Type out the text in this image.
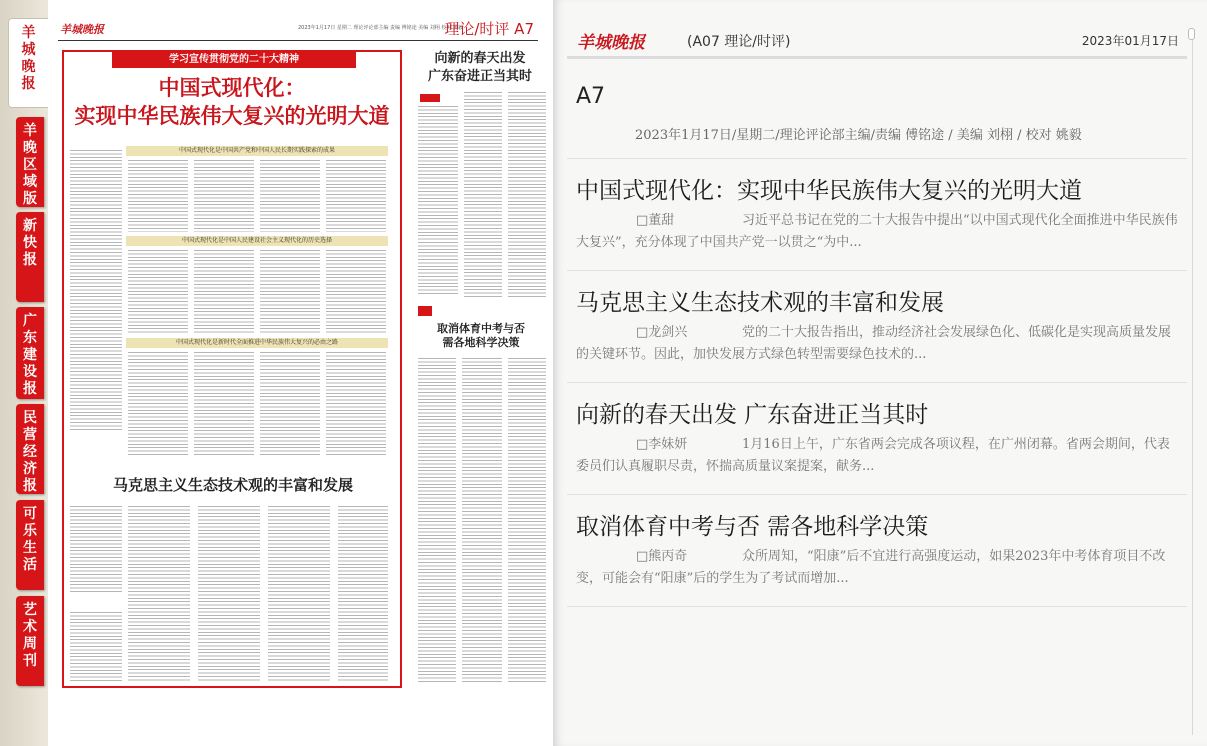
羊城晚报
羊晚区域版
新快报
广东建设报
民营经济报
可乐生活
艺术周刊
羊城晚报	2023年1月17日 星期二 理论评论部主编 责编 傅铭途 美编 刘栩 校对 姚毅
理论/时评 A7
学习宣传贯彻党的二十大精神
中国式现代化：
实现中华民族伟大复兴的光明大道
中国式现代化是中国共产党和中国人民长期实践探索的成果
中国式现代化是中国人民建设社会主义现代化的历史选择
中国式现代化是新时代全面推进中华民族伟大复兴的必由之路
马克思主义生态技术观的丰富和发展
向新的春天出发
广东奋进正当其时
取消体育中考与否
需各地科学决策
羊城晚报	(A07 理论/时评)	2023年01月17日
A7
2023年1月17日/星期二/理论评论部主编/责编 傅铭途 / 美编 刘栩 / 校对 姚毅
中国式现代化：实现中华民族伟大复兴的光明大道
□董甜	习近平总书记在党的二十大报告中提出“以中国式现代化全面推进中华民族伟大复兴”，充分体现了中国共产党一以贯之“为中...
马克思主义生态技术观的丰富和发展
□龙剑兴	党的二十大报告指出，推动经济社会发展绿色化、低碳化是实现高质量发展的关键环节。因此，加快发展方式绿色转型需要绿色技术的...
向新的春天出发 广东奋进正当其时
□李妹妍	1月16日上午，广东省两会完成各项议程，在广州闭幕。省两会期间，代表委员们认真履职尽责，怀揣高质量议案提案，献务...
取消体育中考与否 需各地科学决策
□熊丙奇	众所周知，“阳康”后不宜进行高强度运动，如果2023年中考体育项目不改变，可能会有“阳康”后的学生为了考试而增加...
